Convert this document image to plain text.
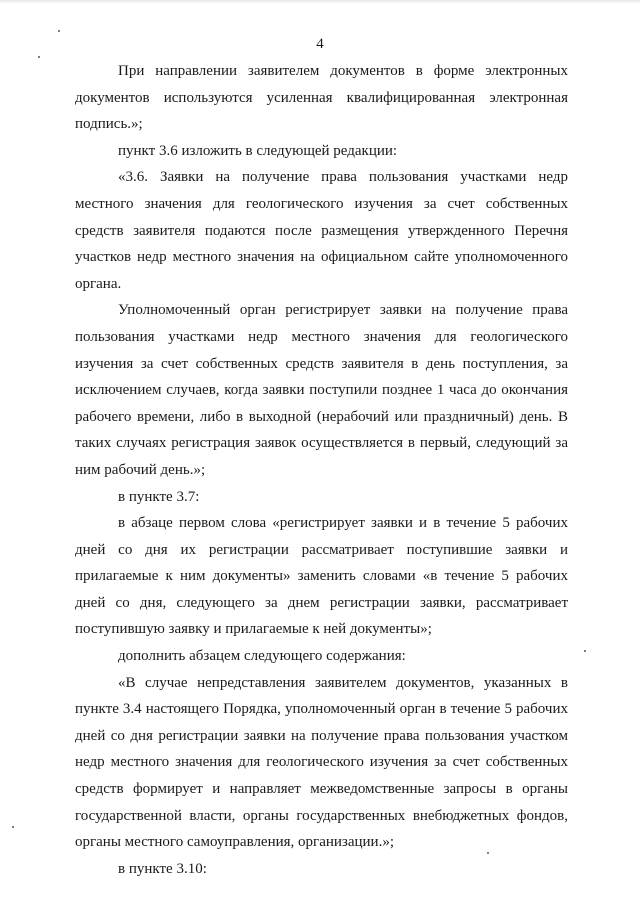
4

При направлении заявителем документов в форме электронных документов используются усиленная квалифицированная электронная подпись.»;

пункт 3.6 изложить в следующей редакции:

«3.6. Заявки на получение права пользования участками недр местного значения для геологического изучения за счет собственных средств заявителя подаются после размещения утвержденного Перечня участков недр местного значения на официальном сайте уполномоченного органа.

Уполномоченный орган регистрирует заявки на получение права пользования участками недр местного значения для геологического изучения за счет собственных средств заявителя в день поступления, за исключением случаев, когда заявки поступили позднее 1 часа до окончания рабочего времени, либо в выходной (нерабочий или праздничный) день. В таких случаях регистрация заявок осуществляется в первый, следующий за ним рабочий день.»;

в пункте 3.7:

в абзаце первом слова «регистрирует заявки и в течение 5 рабочих дней со дня их регистрации рассматривает поступившие заявки и прилагаемые к ним документы» заменить словами «в течение 5 рабочих дней со дня, следующего за днем регистрации заявки, рассматривает поступившую заявку и прилагаемые к ней документы»;

дополнить абзацем следующего содержания:

«В случае непредставления заявителем документов, указанных в пункте 3.4 настоящего Порядка, уполномоченный орган в течение 5 рабочих дней со дня регистрации заявки на получение права пользования участком недр местного значения для геологического изучения за счет собственных средств формирует и направляет межведомственные запросы в органы государственной власти, органы государственных внебюджетных фондов, органы местного самоуправления, организации.»;

в пункте 3.10:
